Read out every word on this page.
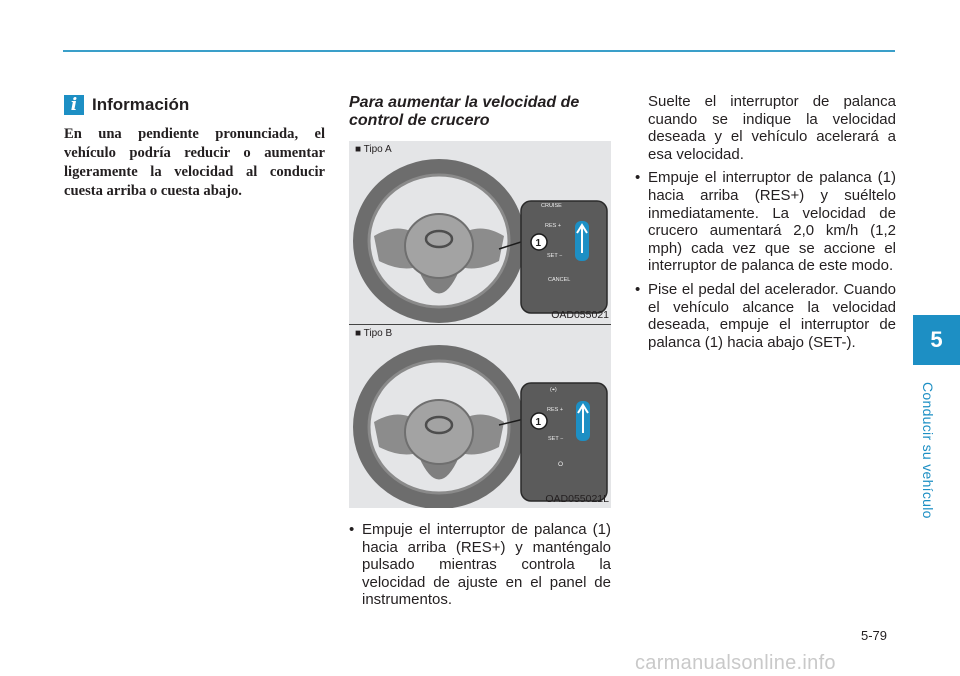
i Información
En una pendiente pronunciada, el vehículo podría reducir o aumentar ligeramente la velocidad al conducir cuesta arriba o cuesta abajo.
Para aumentar la velocidad de control de crucero
CRUISE
RES +
SET −
CANCEL
1
■ Tipo A
OAD055021
(⌖)
RES +
SET −
O
1
■ Tipo B
OAD055021L
• Empuje el interruptor de palanca (1) hacia arriba (RES+) y manténgalo pulsado mientras controla la velocidad de ajuste en el panel de instrumentos.
Suelte el interruptor de palanca cuando se indique la velocidad deseada y el vehículo acelerará a esa velocidad.
• Empuje el interruptor de palanca (1) hacia arriba (RES+) y suéltelo inmediatamente. La velocidad de crucero aumentará 2,0 km/h (1,2 mph) cada vez que se accione el interruptor de palanca de este modo.
• Pise el pedal del acelerador. Cuando el vehículo alcance la velocidad deseada, empuje el interruptor de palanca (1) hacia abajo (SET-).	5
Conducir su vehículo
5-79
carmanualsonline.info
